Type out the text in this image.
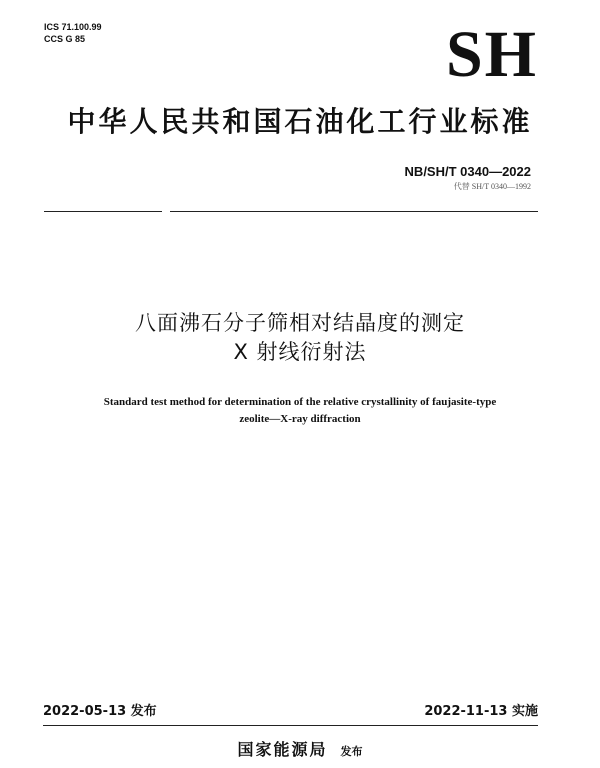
ICS 71.100.99
CCS G 85	SH
中华人民共和国石油化工行业标准
NB/SH/T 0340—2022
代替 SH/T 0340—1992
八面沸石分子筛相对结晶度的测定
X 射线衍射法
Standard test method for determination of the relative crystallinity of faujasite-type
zeolite—X-ray diffraction
2022-05-13 发布	2022-11-13 实施
国家能源局 发布
